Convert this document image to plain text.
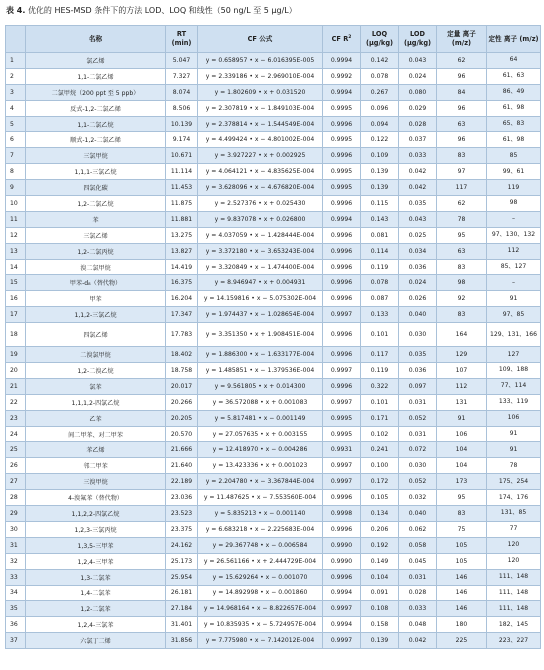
表 4. 优化的 HES-MSD 条件下的方法 LOD、LOQ 和线性（50 ng/L 至 5 µg/L）
	名称	RT (min)	CF 公式	CF $R^2$	LOQ (µg/kg)	LOD (µg/kg)	定量 离子 (m/z)	定性 离子 (m/z)
1	氯乙烯	5.047	y = 0.658957 • x − 6.016395E-005	0.9994	0.142	0.043	62	64
2	1,1-二氯乙烯	7.327	y = 2.339186 • x − 2.969010E-004	0.9992	0.078	0.024	96	61、63
3	二氯甲烷（200 ppt 至 5 ppb）	8.074	y = 1.802609 • x + 0.031520	0.9994	0.267	0.080	84	86、49
4	反式-1,2-二氯乙烯	8.506	y = 2.307819 • x − 1.849103E-004	0.9995	0.096	0.029	96	61、98
5	1,1-二氯乙烷	10.139	y = 2.378814 • x − 1.544549E-004	0.9996	0.094	0.028	63	65、83
6	顺式-1,2-二氯乙烯	9.174	y = 4.499424 • x − 4.801002E-004	0.9995	0.122	0.037	96	61、98
7	三氯甲烷	10.671	y = 3.927227 • x + 0.002925	0.9996	0.109	0.033	83	85
8	1,1,1-三氯乙烷	11.114	y = 4.064121 • x − 4.835625E-004	0.9995	0.139	0.042	97	99、61
9	四氯化碳	11.453	y = 3.628096 • x − 4.676820E-004	0.9995	0.139	0.042	117	119
10	1,2-二氯乙烷	11.875	y = 2.527376 • x + 0.025430	0.9996	0.115	0.035	62	98
11	苯	11.881	y = 9.837078 • x + 0.026800	0.9994	0.143	0.043	78	–
12	三氯乙烯	13.275	y = 4.037059 • x − 1.428444E-004	0.9996	0.081	0.025	95	97、130、132
13	1,2-二氯丙烷	13.827	y = 3.372180 • x − 3.653243E-004	0.9996	0.114	0.034	63	112
14	溴二氯甲烷	14.419	y = 3.320849 • x − 1.474400E-004	0.9996	0.119	0.036	83	85、127
15	甲苯-d₈（替代物）	16.375	y = 8.946947 • x + 0.004931	0.9996	0.078	0.024	98	–
16	甲苯	16.204	y = 14.159816 • x − 5.075302E-004	0.9996	0.087	0.026	92	91
17	1,1,2-三氯乙烷	17.347	y = 1.974437 • x − 1.028654E-004	0.9997	0.133	0.040	83	97、85
18	四氯乙烯	17.783	y = 3.351350 • x + 1.908451E-004	0.9996	0.101	0.030	164	129、131、166
19	二溴氯甲烷	18.402	y = 1.886300 • x − 1.633177E-004	0.9996	0.117	0.035	129	127
20	1,2-二溴乙烷	18.758	y = 1.485851 • x − 1.379536E-004	0.9997	0.119	0.036	107	109、188
21	氯苯	20.017	y = 9.561805 • x + 0.014300	0.9996	0.322	0.097	112	77、114
22	1,1,1,2-四氯乙烷	20.266	y = 36.572088 • x + 0.001083	0.9997	0.101	0.031	131	133、119
23	乙苯	20.205	y = 5.817481 • x − 0.001149	0.9995	0.171	0.052	91	106
24	间二甲苯、对二甲苯	20.570	y = 27.057635 • x + 0.003155	0.9995	0.102	0.031	106	91
25	苯乙烯	21.666	y = 12.418970 • x − 0.004286	0.9931	0.241	0.072	104	91
26	邻二甲苯	21.640	y = 13.423336 • x + 0.001023	0.9997	0.100	0.030	104	78
27	三溴甲烷	22.189	y = 2.204780 • x − 3.367844E-004	0.9997	0.172	0.052	173	175、254
28	4-溴氟苯（替代物）	23.036	y = 11.487625 • x − 7.553560E-004	0.9996	0.105	0.032	95	174、176
29	1,1,2,2-四氯乙烷	23.523	y = 5.835213 • x − 0.001140	0.9998	0.134	0.040	83	131、85
30	1,2,3-三氯丙烷	23.375	y = 6.683218 • x − 2.225683E-004	0.9996	0.206	0.062	75	77
31	1,3,5-三甲苯	24.162	y = 29.367748 • x − 0.006584	0.9990	0.192	0.058	105	120
32	1,2,4-三甲苯	25.173	y = 26.561166 • x + 2.444729E-004	0.9990	0.149	0.045	105	120
33	1,3-二氯苯	25.954	y = 15.629264 • x − 0.001070	0.9996	0.104	0.031	146	111、148
34	1,4-二氯苯	26.181	y = 14.892998 • x − 0.001860	0.9994	0.091	0.028	146	111、148
35	1,2-二氯苯	27.184	y = 14.968164 • x − 8.822657E-004	0.9997	0.108	0.033	146	111、148
36	1,2,4-三氯苯	31.401	y = 10.835935 • x − 5.724957E-004	0.9994	0.158	0.048	180	182、145
37	六氯丁二烯	31.856	y = 7.775980 • x − 7.142012E-004	0.9997	0.139	0.042	225	223、227
